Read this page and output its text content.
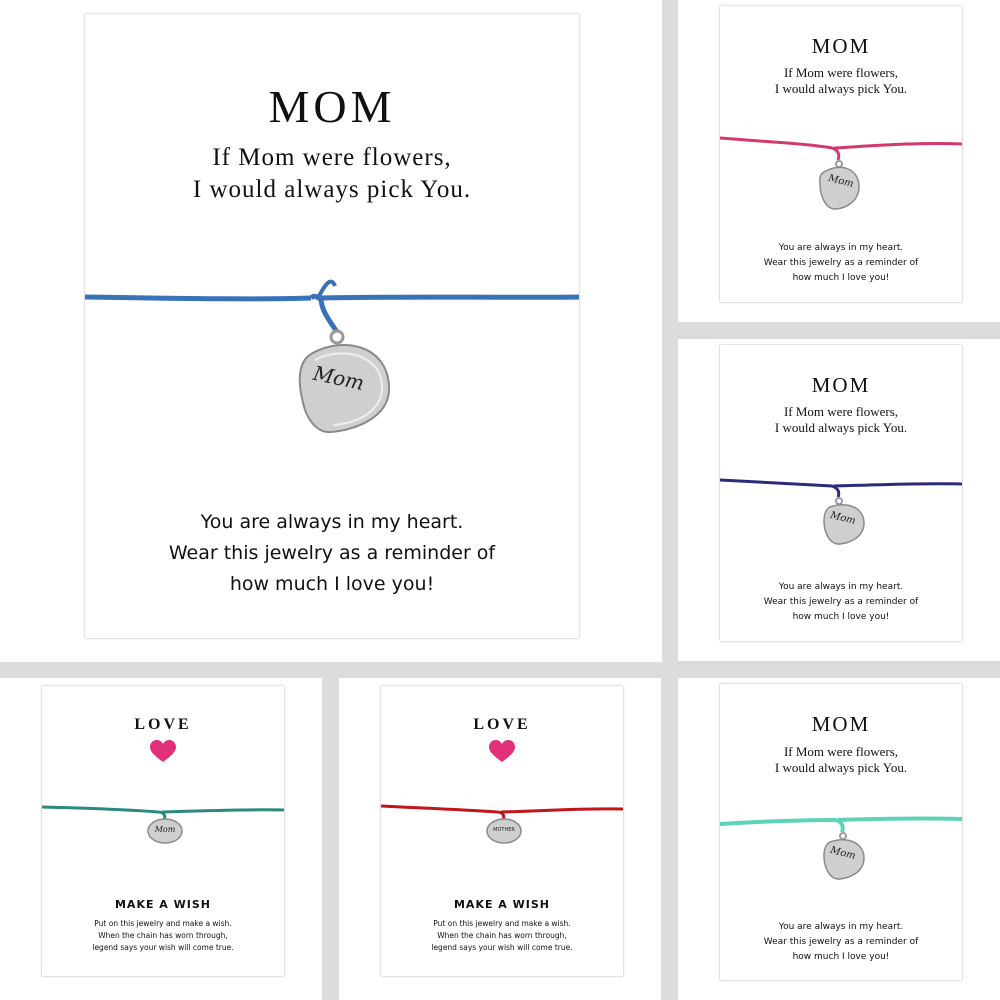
MOM
If Mom were flowers,
I would always pick You.
Mom
You are always in my heart.
Wear this jewelry as a reminder of
how much I love you!
MOM
If Mom were flowers,
I would always pick You.
Mom
You are always in my heart.
Wear this jewelry as a reminder of
how much I love you!
MOM
If Mom were flowers,
I would always pick You.
Mom
You are always in my heart.
Wear this jewelry as a reminder of
how much I love you!
LOVE
Mom
MAKE A WISH
Put on this jewelry and make a wish.
When the chain has worn through,
legend says your wish will come true.
LOVE
MOTHER
MAKE A WISH
Put on this jewelry and make a wish.
When the chain has worn through,
legend says your wish will come true.
MOM
If Mom were flowers,
I would always pick You.
Mom
You are always in my heart.
Wear this jewelry as a reminder of
how much I love you!
